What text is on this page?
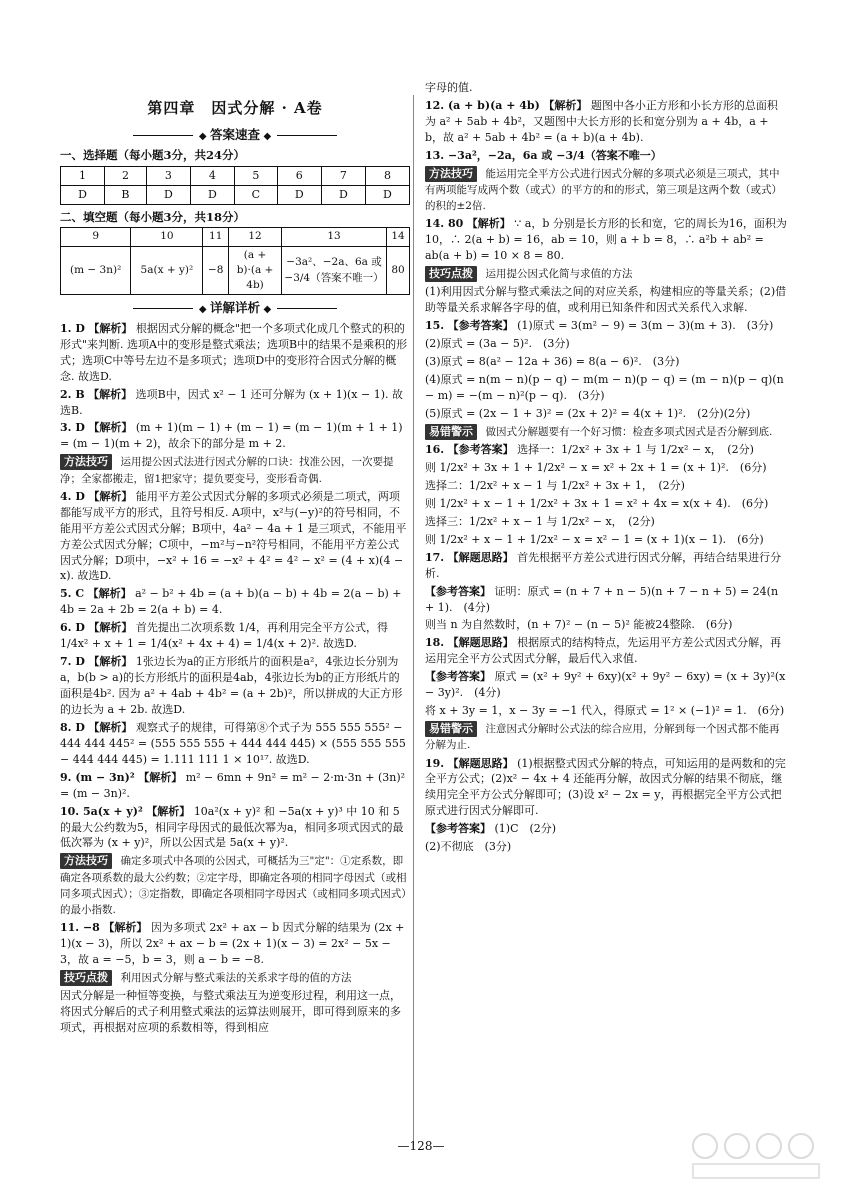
第四章　因式分解 · A卷
◆ 答案速查 ◆
一、选择题（每小题3分，共24分）
1	2	3	4	5	6	7	8
D	B	D	D	C	D	D	D
二、填空题（每小题3分，共18分）
9	10	11	12	13	14
(m − 3n)²	5a(x + y)²	−8	(a + b)·(a + 4b)	−3a²、−2a、6a 或 −3/4（答案不唯一）	80
◆ 详解详析 ◆
1. D 【解析】 根据因式分解的概念"把一个多项式化成几个整式的积的形式"来判断. 选项A中的变形是整式乘法；选项B中的结果不是乘积的形式；选项C中等号左边不是多项式；选项D中的变形符合因式分解的概念. 故选D.
2. B 【解析】 选项B中，因式 x² − 1 还可分解为 (x + 1)(x − 1). 故选B.
3. D 【解析】 (m + 1)(m − 1) + (m − 1) = (m − 1)(m + 1 + 1) = (m − 1)(m + 2)，故余下的部分是 m + 2.
方法技巧 运用提公因式法进行因式分解的口诀：找准公因，一次要提净；全家都搬走，留1把家守；提负要变号，变形看奇偶.
4. D 【解析】 能用平方差公式因式分解的多项式必须是二项式，两项都能写成平方的形式，且符号相反. A项中，x²与(−y)²的符号相同，不能用平方差公式因式分解；B项中，4a² − 4a + 1 是三项式，不能用平方差公式因式分解；C项中，−m²与−n²符号相同，不能用平方差公式因式分解；D项中，−x² + 16 = −x² + 4² = 4² − x² = (4 + x)(4 − x). 故选D.
5. C 【解析】 a² − b² + 4b = (a + b)(a − b) + 4b = 2(a − b) + 4b = 2a + 2b = 2(a + b) = 4.
6. D 【解析】 首先提出二次项系数 1/4，再利用完全平方公式，得 1/4x² + x + 1 = 1/4(x² + 4x + 4) = 1/4(x + 2)². 故选D.
7. D 【解析】 1张边长为a的正方形纸片的面积是a²，4张边长分别为a，b(b > a)的长方形纸片的面积是4ab，4张边长为b的正方形纸片的面积是4b². 因为 a² + 4ab + 4b² = (a + 2b)²，所以拼成的大正方形的边长为 a + 2b. 故选D.
8. D 【解析】 观察式子的规律，可得第⑧个式子为 555 555 555² − 444 444 445² = (555 555 555 + 444 444 445) × (555 555 555 − 444 444 445) = 1.111 111 1 × 10¹⁷. 故选D.
9. (m − 3n)² 【解析】 m² − 6mn + 9n² = m² − 2·m·3n + (3n)² = (m − 3n)².
10. 5a(x + y)² 【解析】 10a²(x + y)² 和 −5a(x + y)³ 中 10 和 5 的最大公约数为5，相同字母因式的最低次幂为a，相同多项式因式的最低次幂为 (x + y)²，所以公因式是 5a(x + y)².
方法技巧 确定多项式中各项的公因式，可概括为三"定"：①定系数，即确定各项系数的最大公约数；②定字母，即确定各项的相同字母因式（或相同多项式因式）；③定指数，即确定各项相同字母因式（或相同多项式因式）的最小指数.
11. −8 【解析】 因为多项式 2x² + ax − b 因式分解的结果为 (2x + 1)(x − 3)，所以 2x² + ax − b = (2x + 1)(x − 3) = 2x² − 5x − 3，故 a = −5，b = 3，则 a − b = −8.
技巧点拨 利用因式分解与整式乘法的关系求字母的值的方法
因式分解是一种恒等变换，与整式乘法互为逆变形过程，利用这一点，将因式分解后的式子利用整式乘法的运算法则展开，即可得到原来的多项式，再根据对应项的系数相等，得到相应
字母的值.
12. (a + b)(a + 4b) 【解析】 题图中各小正方形和小长方形的总面积为 a² + 5ab + 4b²，又题图中大长方形的长和宽分别为 a + 4b，a + b，故 a² + 5ab + 4b² = (a + b)(a + 4b).
13. −3a²，−2a，6a 或 −3/4（答案不唯一）
方法技巧 能运用完全平方公式进行因式分解的多项式必须是三项式，其中有两项能写成两个数（或式）的平方的和的形式，第三项是这两个数（或式）的积的±2倍.
14. 80 【解析】 ∵ a，b 分别是长方形的长和宽，它的周长为16，面积为10，∴ 2(a + b) = 16，ab = 10，则 a + b = 8，∴ a²b + ab² = ab(a + b) = 10 × 8 = 80.
技巧点拨 运用提公因式化简与求值的方法
(1)利用因式分解与整式乘法之间的对应关系，构建相应的等量关系；(2)借助等量关系求解各字母的值，或利用已知条件和因式关系代入求解.
15. 【参考答案】 (1)原式 = 3(m² − 9) = 3(m − 3)(m + 3).　(3分)
(2)原式 = (3a − 5)².　(3分)
(3)原式 = 8(a² − 12a + 36) = 8(a − 6)².　(3分)
(4)原式 = n(m − n)(p − q) − m(m − n)(p − q) = (m − n)(p − q)(n − m) = −(m − n)²(p − q).　(3分)
(5)原式 = (2x − 1 + 3)² = (2x + 2)² = 4(x + 1)².　(2分)(2分)
易错警示 做因式分解题要有一个好习惯：检查多项式因式是否分解到底.
16. 【参考答案】 选择一：1/2x² + 3x + 1 与 1/2x² − x，　(2分)
则 1/2x² + 3x + 1 + 1/2x² − x = x² + 2x + 1 = (x + 1)².　(6分)
选择二：1/2x² + x − 1 与 1/2x² + 3x + 1，　(2分)
则 1/2x² + x − 1 + 1/2x² + 3x + 1 = x² + 4x = x(x + 4).　(6分)
选择三：1/2x² + x − 1 与 1/2x² − x，　(2分)
则 1/2x² + x − 1 + 1/2x² − x = x² − 1 = (x + 1)(x − 1).　(6分)
17. 【解题思路】 首先根据平方差公式进行因式分解，再结合结果进行分析.
【参考答案】 证明：原式 = (n + 7 + n − 5)(n + 7 − n + 5) = 24(n + 1).　(4分)
则当 n 为自然数时，(n + 7)² − (n − 5)² 能被24整除.　(6分)
18. 【解题思路】 根据原式的结构特点，先运用平方差公式因式分解，再运用完全平方公式因式分解，最后代入求值.
【参考答案】 原式 = (x² + 9y² + 6xy)(x² + 9y² − 6xy) = (x + 3y)²(x − 3y)².　(4分)
将 x + 3y = 1，x − 3y = −1 代入，得原式 = 1² × (−1)² = 1.　(6分)
易错警示 注意因式分解时公式法的综合应用，分解到每一个因式都不能再分解为止.
19. 【解题思路】 (1)根据整式因式分解的特点，可知运用的是两数和的完全平方公式；(2)x² − 4x + 4 还能再分解，故因式分解的结果不彻底，继续用完全平方公式分解即可；(3)设 x² − 2x = y，再根据完全平方公式把原式进行因式分解即可.
【参考答案】 (1)C　(2分)
(2)不彻底　(3分)
—128—
